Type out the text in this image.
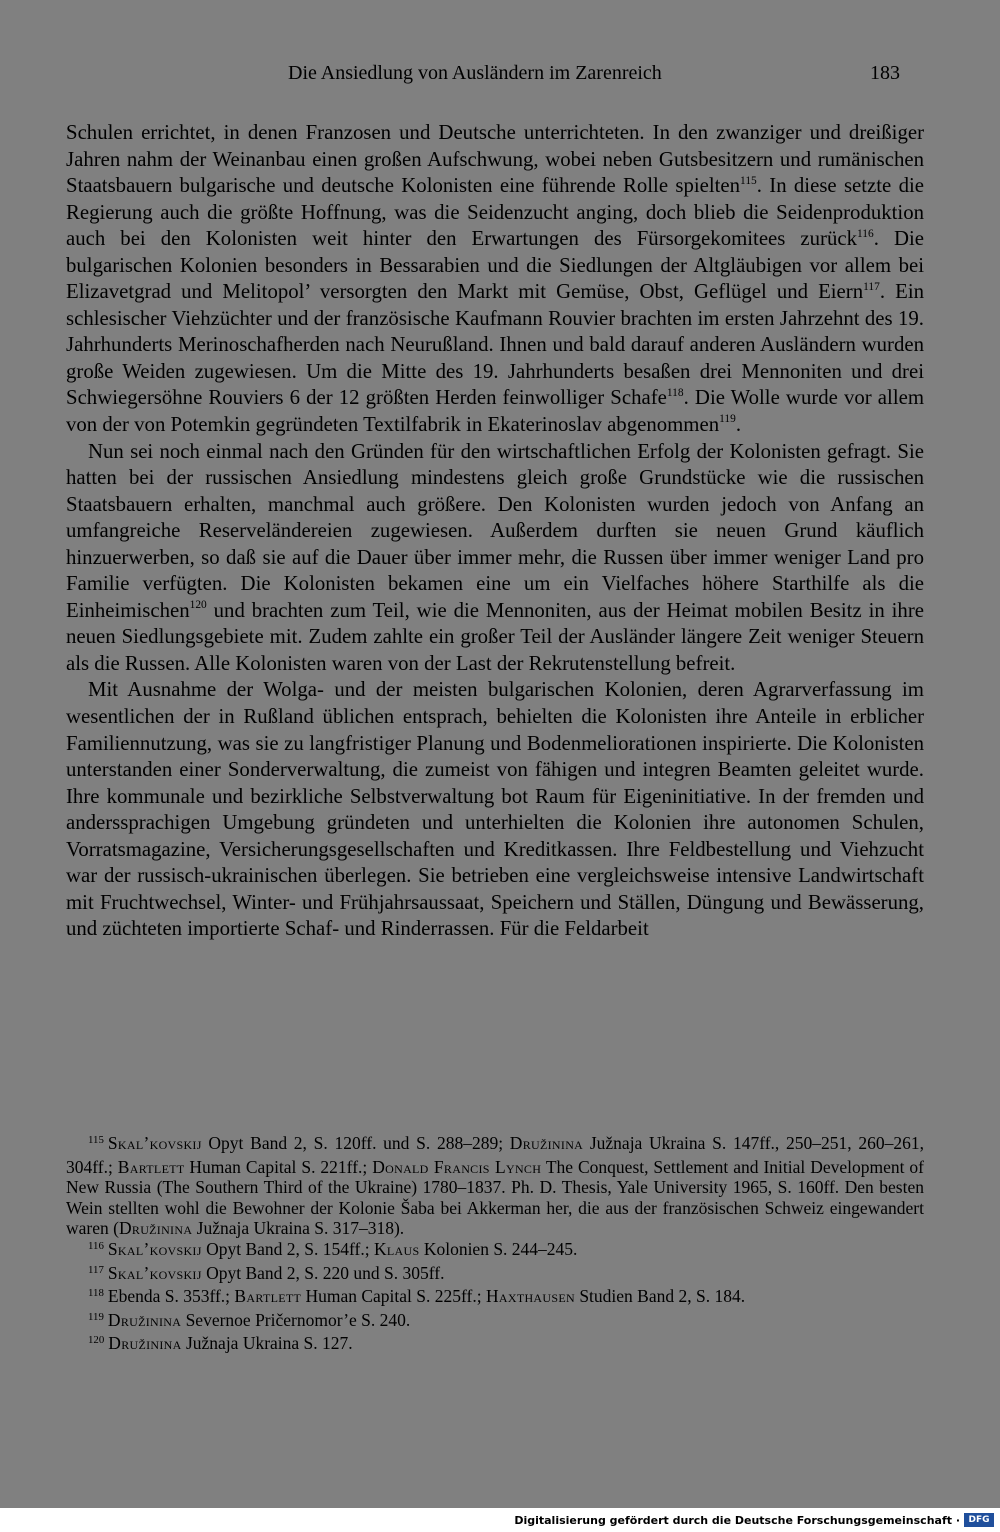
Die Ansiedlung von Ausländern im Zarenreich	183

Schulen errichtet, in denen Franzosen und Deutsche unterrichteten. In den zwanziger und dreißiger Jahren nahm der Weinanbau einen großen Aufschwung, wobei neben Gutsbesitzern und rumänischen Staatsbauern bulgarische und deutsche Kolonisten eine führende Rolle spielten$^{115}$. In diese setzte die Regierung auch die größte Hoffnung, was die Seidenzucht anging, doch blieb die Seidenproduktion auch bei den Kolonisten weit hinter den Erwartungen des Fürsorgekomitees zurück$^{116}$. Die bulgarischen Kolonien besonders in Bessarabien und die Siedlungen der Altgläubigen vor allem bei Elizavetgrad und Melitopol’ versorgten den Markt mit Gemüse, Obst, Geflügel und Eiern$^{117}$. Ein schlesischer Viehzüchter und der französische Kaufmann Rouvier brachten im ersten Jahrzehnt des 19. Jahrhunderts Merinoschafherden nach Neurußland. Ihnen und bald darauf anderen Ausländern wurden große Weiden zugewiesen. Um die Mitte des 19. Jahrhunderts besaßen drei Mennoniten und drei Schwiegersöhne Rouviers 6 der 12 größten Herden feinwolliger Schafe$^{118}$. Die Wolle wurde vor allem von der von Potemkin gegründeten Textilfabrik in Ekaterinoslav abgenommen$^{119}$.

Nun sei noch einmal nach den Gründen für den wirtschaftlichen Erfolg der Kolonisten gefragt. Sie hatten bei der russischen Ansiedlung mindestens gleich große Grundstücke wie die russischen Staatsbauern erhalten, manchmal auch größere. Den Kolonisten wurden jedoch von Anfang an umfangreiche Reserveländereien zugewiesen. Außerdem durften sie neuen Grund käuflich hinzuerwerben, so daß sie auf die Dauer über immer mehr, die Russen über immer weniger Land pro Familie verfügten. Die Kolonisten bekamen eine um ein Vielfaches höhere Starthilfe als die Einheimischen$^{120}$ und brachten zum Teil, wie die Mennoniten, aus der Heimat mobilen Besitz in ihre neuen Siedlungsgebiete mit. Zudem zahlte ein großer Teil der Ausländer längere Zeit weniger Steuern als die Russen. Alle Kolonisten waren von der Last der Rekrutenstellung befreit.

Mit Ausnahme der Wolga- und der meisten bulgarischen Kolonien, deren Agrarverfassung im wesentlichen der in Rußland üblichen entsprach, behielten die Kolonisten ihre Anteile in erblicher Familiennutzung, was sie zu langfristiger Planung und Bodenmeliorationen inspirierte. Die Kolonisten unterstanden einer Sonderverwaltung, die zumeist von fähigen und integren Beamten geleitet wurde. Ihre kommunale und bezirkliche Selbstverwaltung bot Raum für Eigeninitiative. In der fremden und anderssprachigen Umgebung gründeten und unterhielten die Kolonien ihre autonomen Schulen, Vorratsmagazine, Versicherungsgesellschaften und Kreditkassen. Ihre Feldbestellung und Viehzucht war der russisch-ukrainischen überlegen. Sie betrieben eine vergleichsweise intensive Landwirtschaft mit Fruchtwechsel, Winter- und Frühjahrsaussaat, Speichern und Ställen, Düngung und Bewässerung, und züchteten importierte Schaf- und Rinderrassen. Für die Feldarbeit

$^{115}$ Skal’kovskij Opyt Band 2, S. 120ff. und S. 288–289; Družinina Južnaja Ukraina S. 147ff., 250–251, 260–261, 304ff.; Bartlett Human Capital S. 221ff.; Donald Francis Lynch The Conquest, Settlement and Initial Development of New Russia (The Southern Third of the Ukraine) 1780–1837. Ph. D. Thesis, Yale University 1965, S. 160ff. Den besten Wein stellten wohl die Bewohner der Kolonie Šaba bei Akkerman her, die aus der französischen Schweiz eingewandert waren (Družinina Južnaja Ukraina S. 317–318).

$^{116}$ Skal’kovskij Opyt Band 2, S. 154ff.; Klaus Kolonien S. 244–245.

$^{117}$ Skal’kovskij Opyt Band 2, S. 220 und S. 305ff.

$^{118}$ Ebenda S. 353ff.; Bartlett Human Capital S. 225ff.; Haxthausen Studien Band 2, S. 184.

$^{119}$ Družinina Severnoe Pričernomor’e S. 240.

$^{120}$ Družinina Južnaja Ukraina S. 127.

Digitalisierung gefördert durch die Deutsche Forschungsgemeinschaft · DFG
